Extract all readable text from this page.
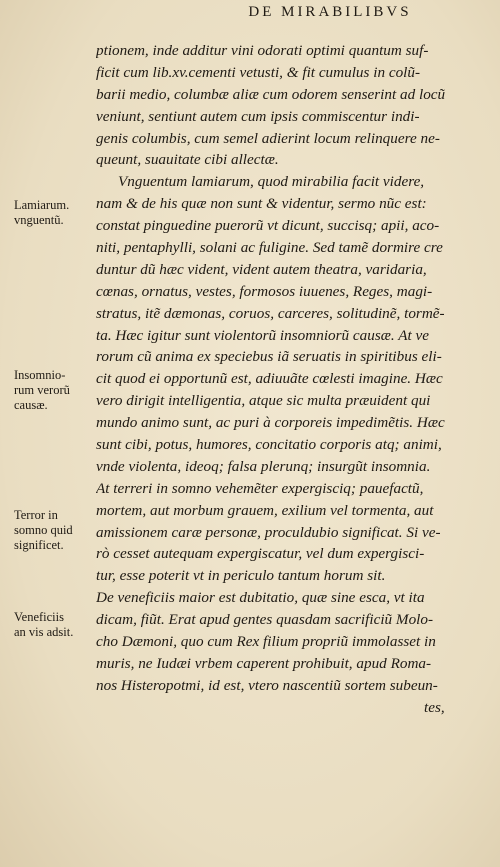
DE MIRABILIBVS
ptionem, inde additur vini odorati optimi quantum suf-
ficit cum lib.xv.cementi vetusti, & fit cumulus in colũ-
barii medio, columbæ aliæ cum odorem senserint ad locũ
veniunt, sentiunt autem cum ipsis commiscentur indi-
genis columbis, cum semel adierint locum relinquere ne-
queunt, suauitate cibi allectæ.
Vnguentum lamiarum, quod mirabilia facit videre,
nam & de his quæ non sunt & videntur, sermo nũc est:
constat pinguedine puerorũ vt dicunt, succisq; apii, aco-
niti, pentaphylli, solani ac fuligine. Sed tamẽ dormire cre
duntur dũ hæc vident, vident autem theatra, varidaria,
cœnas, ornatus, vestes, formosos iuuenes, Reges, magi-
stratus, itẽ dæmonas, coruos, carceres, solitudinẽ, tormẽ-
ta. Hæc igitur sunt violentorũ insomniorũ causæ. At ve
rorum cũ anima ex speciebus iã seruatis in spiritibus eli-
cit quod ei opportunũ est, adiuuãte cœlesti imagine. Hæc
vero dirigit intelligentia, atque sic multa præuident qui
mundo animo sunt, ac puri à corporeis impedimẽtis. Hæc
sunt cibi, potus, humores, concitatio corporis atq; animi,
vnde violenta, ideoq; falsa plerunq; insurgũt insomnia.
At terreri in somno vehemẽter expergisciq; pauefactũ,
mortem, aut morbum grauem, exilium vel tormenta, aut
amissionem caræ personæ, proculdubio significat. Si ve-
rò cesset autequam expergiscatur, vel dum expergisci-
tur, esse poterit vt in periculo tantum horum sit.
De veneficiis maior est dubitatio, quæ sine esca, vt ita
dicam, fiũt. Erat apud gentes quasdam sacrificiũ Molo-
cho Dæmoni, quo cum Rex filium propriũ immolasset in
muris, ne Iudæi vrbem caperent prohibuit, apud Roma-
nos Histeropotmi, id est, vtero nascentiũ sortem subeun-
tes,
Lamiarum.
vnguentũ.
Insomnio-
rum verorũ
causæ.
Terror in
somno quid
significet.
Veneficiis
an vis adsit.
